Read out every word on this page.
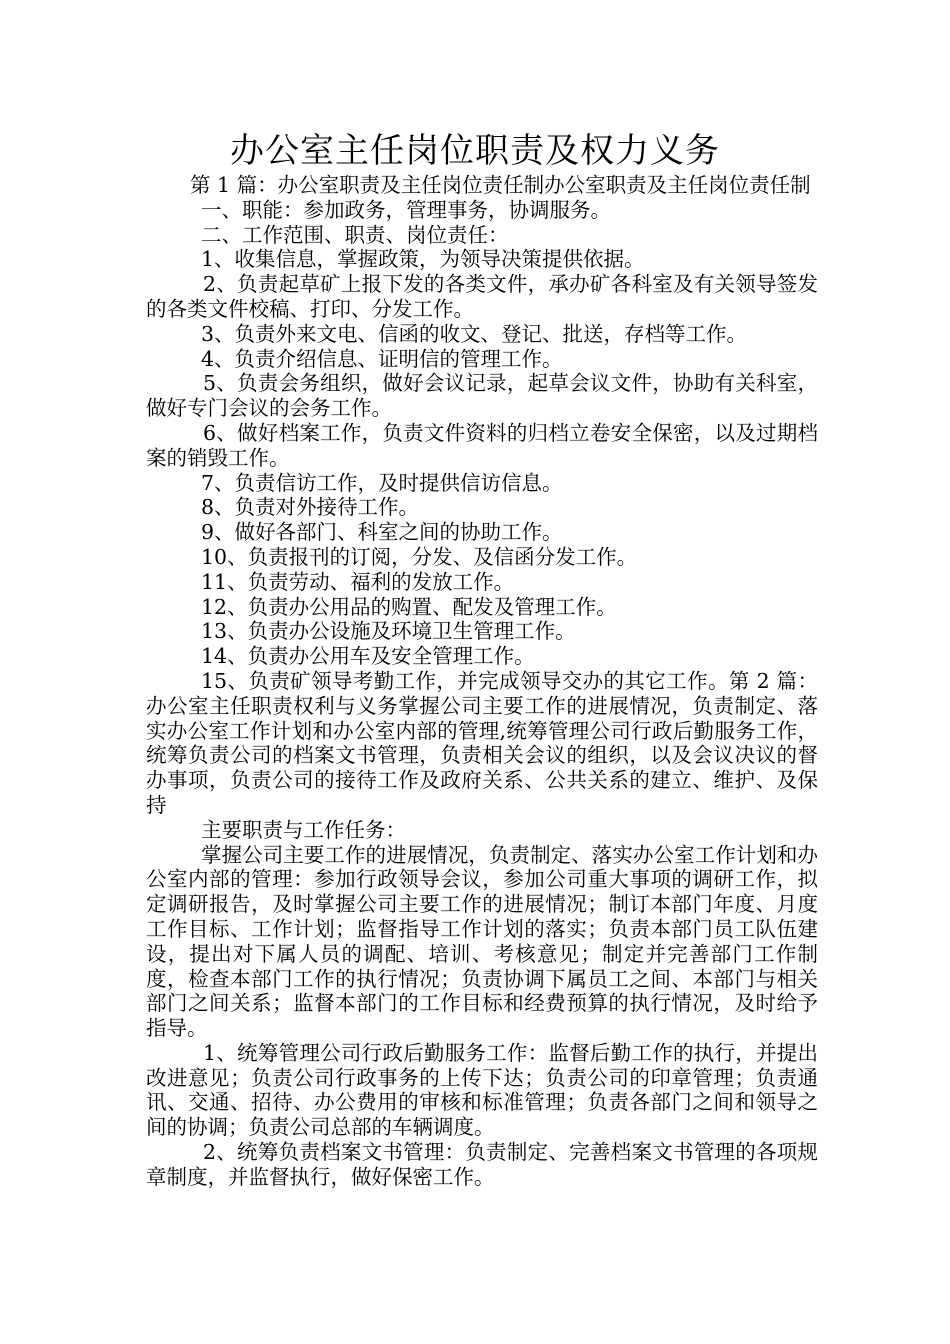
办公室主任岗位职责及权力义务

第 1 篇：办公室职责及主任岗位责任制办公室职责及主任岗位责任制

一、职能：参加政务，管理事务，协调服务。

二、工作范围、职责、岗位责任：

1、收集信息，掌握政策，为领导决策提供依据。

2、负责起草矿上报下发的各类文件，承办矿各科室及有关领导签发的各类文件校稿、打印、分发工作。

3、负责外来文电、信函的收文、登记、批送，存档等工作。

4、负责介绍信息、证明信的管理工作。

5、负责会务组织，做好会议记录，起草会议文件，协助有关科室，做好专门会议的会务工作。

6、做好档案工作，负责文件资料的归档立卷安全保密，以及过期档案的销毁工作。

7、负责信访工作，及时提供信访信息。

8、负责对外接待工作。

9、做好各部门、科室之间的协助工作。

10、负责报刊的订阅，分发、及信函分发工作。

11、负责劳动、福利的发放工作。

12、负责办公用品的购置、配发及管理工作。

13、负责办公设施及环境卫生管理工作。

14、负责办公用车及安全管理工作。

15、负责矿领导考勤工作，并完成领导交办的其它工作。第 2 篇：办公室主任职责权利与义务掌握公司主要工作的进展情况，负责制定、落实办公室工作计划和办公室内部的管理,统筹管理公司行政后勤服务工作，统筹负责公司的档案文书管理，负责相关会议的组织，以及会议决议的督办事项，负责公司的接待工作及政府关系、公共关系的建立、维护、及保持

主要职责与工作任务：

掌握公司主要工作的进展情况，负责制定、落实办公室工作计划和办公室内部的管理：参加行政领导会议，参加公司重大事项的调研工作，拟定调研报告，及时掌握公司主要工作的进展情况；制订本部门年度、月度工作目标、工作计划；监督指导工作计划的落实；负责本部门员工队伍建设，提出对下属人员的调配、培训、考核意见；制定并完善部门工作制度，检查本部门工作的执行情况；负责协调下属员工之间、本部门与相关部门之间关系；监督本部门的工作目标和经费预算的执行情况，及时给予指导。

1、统筹管理公司行政后勤服务工作：监督后勤工作的执行，并提出改进意见；负责公司行政事务的上传下达；负责公司的印章管理；负责通讯、交通、招待、办公费用的审核和标准管理；负责各部门之间和领导之间的协调；负责公司总部的车辆调度。

2、统筹负责档案文书管理：负责制定、完善档案文书管理的各项规章制度，并监督执行，做好保密工作。
